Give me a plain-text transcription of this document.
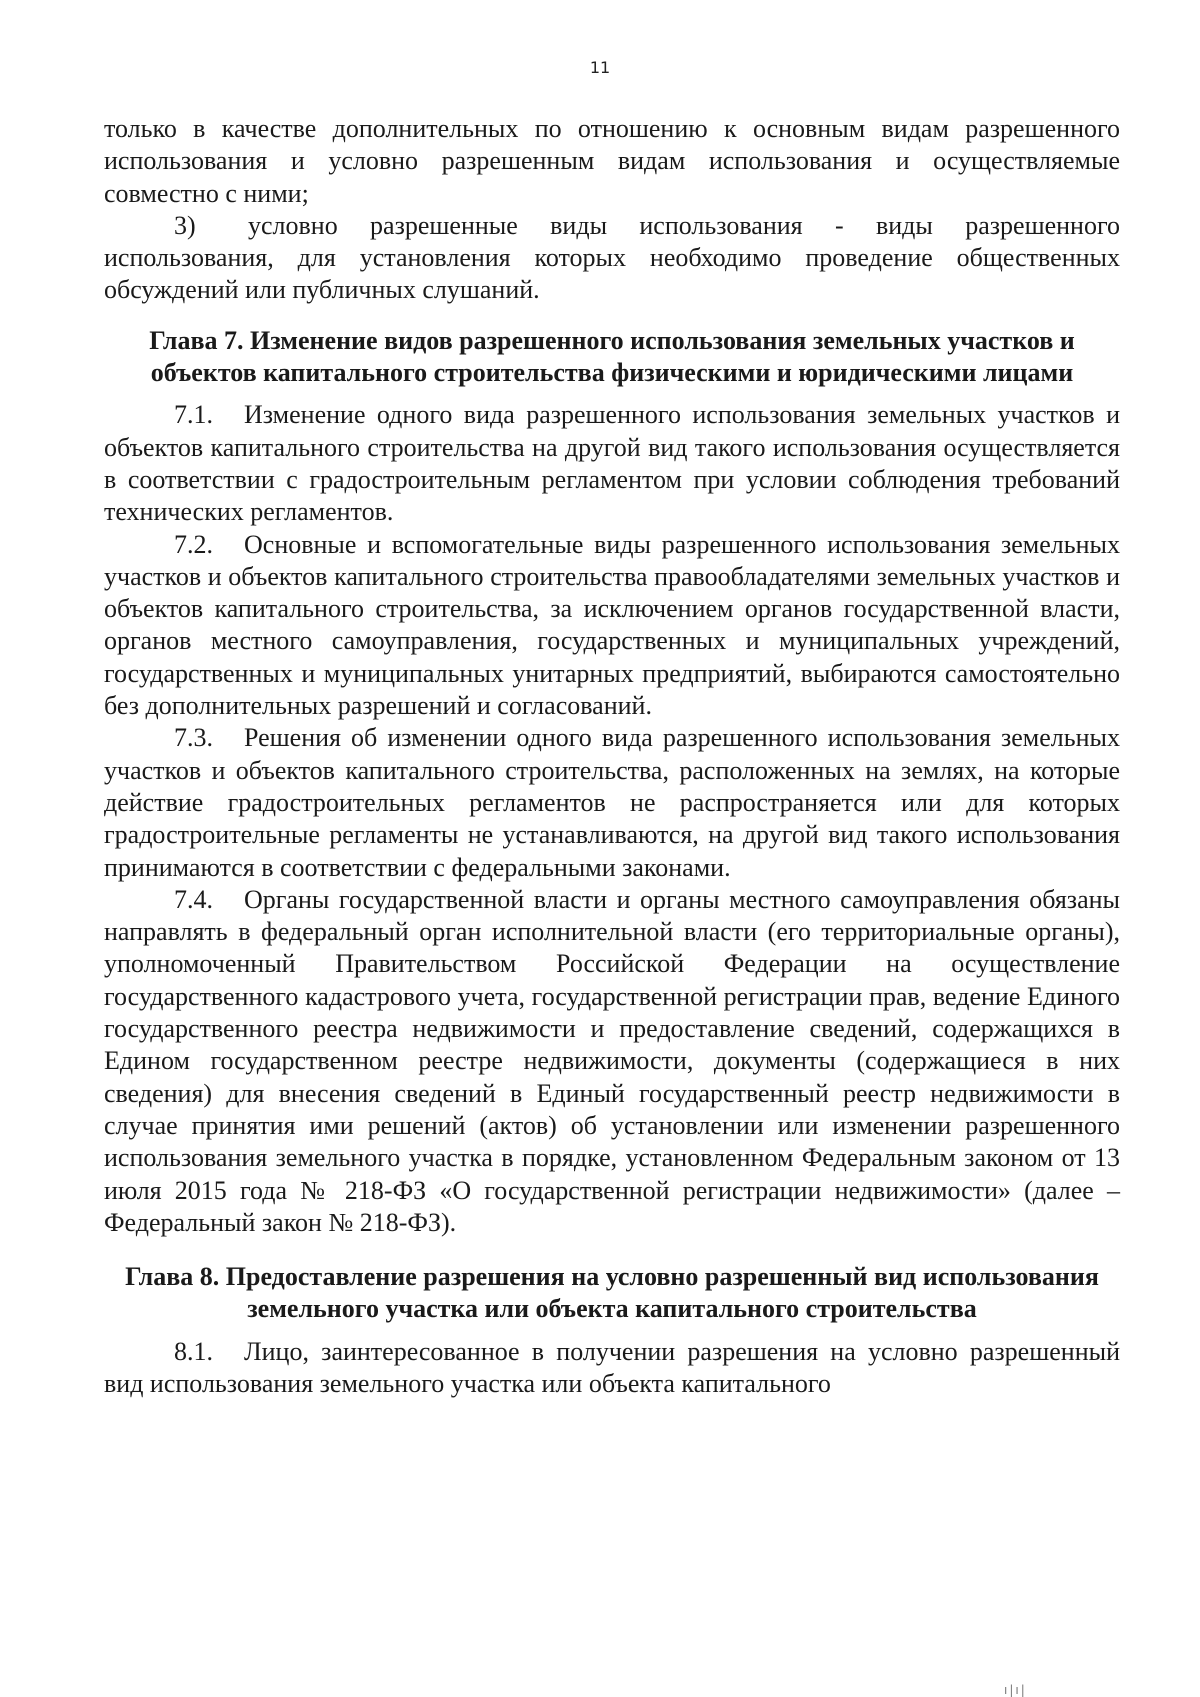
11

только в качестве дополнительных по отношению к основным видам разрешенного использования и условно разрешенным видам использования и осуществляемые совместно с ними;

3) условно разрешенные виды использования - виды разрешенного использования, для установления которых необходимо проведение общественных обсуждений или публичных слушаний.

Глава 7. Изменение видов разрешенного использования земельных участков и объектов капитального строительства физическими и юридическими лицами

7.1. Изменение одного вида разрешенного использования земельных участков и объектов капитального строительства на другой вид такого использования осуществляется в соответствии с градостроительным регламентом при условии соблюдения требований технических регламентов.

7.2. Основные и вспомогательные виды разрешенного использования земельных участков и объектов капитального строительства правообладателями земельных участков и объектов капитального строительства, за исключением органов государственной власти, органов местного самоуправления, государственных и муниципальных учреждений, государственных и муниципальных унитарных предприятий, выбираются самостоятельно без дополнительных разрешений и согласований.

7.3. Решения об изменении одного вида разрешенного использования земельных участков и объектов капитального строительства, расположенных на землях, на которые действие градостроительных регламентов не распространяется или для которых градостроительные регламенты не устанавливаются, на другой вид такого использования принимаются в соответствии с федеральными законами.

7.4. Органы государственной власти и органы местного самоуправления обязаны направлять в федеральный орган исполнительной власти (его территориальные органы), уполномоченный Правительством Российской Федерации на осуществление государственного кадастрового учета, государственной регистрации прав, ведение Единого государственного реестра недвижимости и предоставление сведений, содержащихся в Едином государственном реестре недвижимости, документы (содержащиеся в них сведения) для внесения сведений в Единый государственный реестр недвижимости в случае принятия ими решений (актов) об установлении или изменении разрешенного использования земельного участка в порядке, установленном Федеральным законом от 13 июля 2015 года № 218-ФЗ «О государственной регистрации недвижимости» (далее – Федеральный закон № 218-ФЗ).

Глава 8. Предоставление разрешения на условно разрешенный вид использования земельного участка или объекта капитального строительства

8.1. Лицо, заинтересованное в получении разрешения на условно разрешенный вид использования земельного участка или объекта капитального

ı|ı|
